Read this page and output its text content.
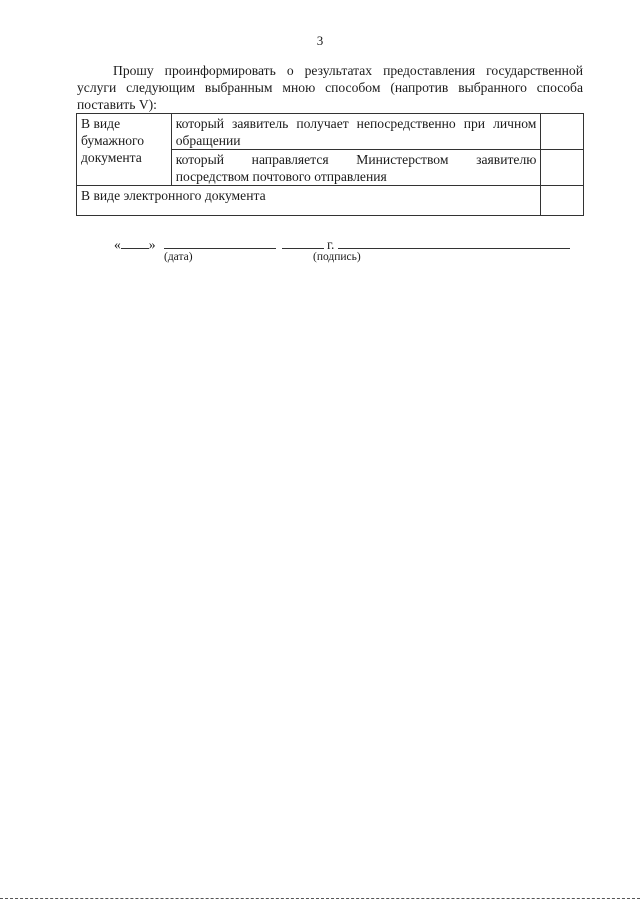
3

Прошу проинформировать о результатах предоставления государственной услуги следующим выбранным мною способом (напротив выбранного способа поставить V):

В виде бумажного документа	который заявитель получает непосредственно при личном обращении	
	который направляется Министерством заявителю посредством почтового отправления	
В виде электронного документа		
« »	г.
(дата)	(подпись)
